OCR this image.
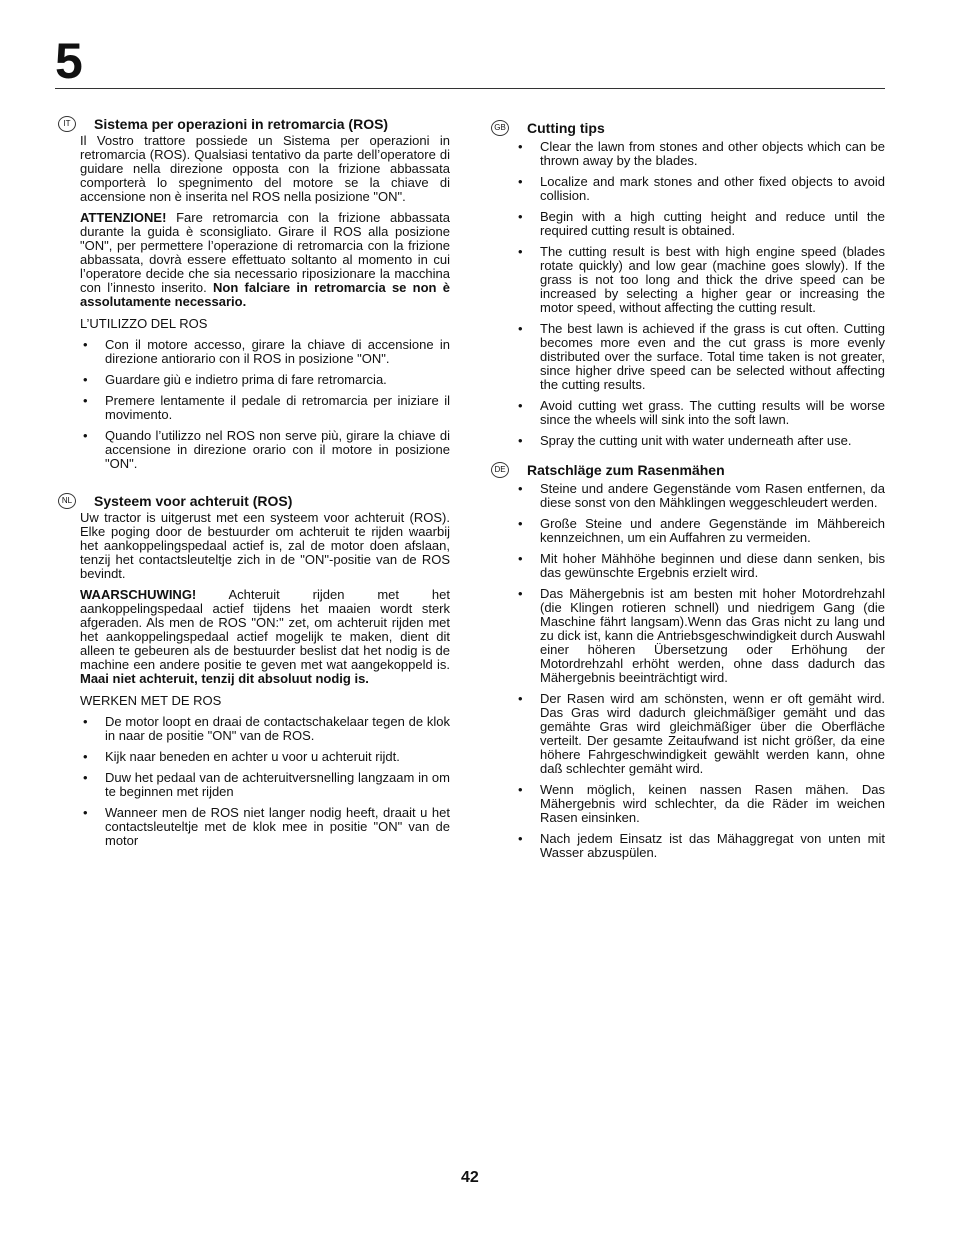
5
IT	Sistema per operazioni in retromarcia (ROS)

Il Vostro trattore possiede un Sistema per operazioni in retromarcia (ROS). Qualsiasi tentativo da parte dell’operatore di guidare nella direzione opposta con la frizione abbassata comporterà lo spegnimento del motore se la chiave di accensione non è inserita nel ROS nella posizione "ON".

ATTENZIONE! Fare retromarcia con la frizione abbassata durante la guida è sconsigliato. Girare il ROS alla posizione "ON", per permettere l’operazione di retromarcia con la frizione abbassata, dovrà essere effettuato soltanto al momento in cui l’operatore decide che sia necessario riposizionare la macchina con l’innesto inserito. Non falciare in retromarcia se non è assolutamente necessario.

L’UTILIZZO DEL ROS

• Con il motore accesso, girare la chiave di accensione in direzione antiorario con il ROS in posizione "ON".
• Guardare giù e indietro prima di fare retromarcia.
• Premere lentamente il pedale di retromarcia per iniziare il movimento.
• Quando l’utilizzo nel ROS non serve più, girare la chiave di accensione in direzione orario con il motore in posizione "ON".
NL Systeem voor achteruit (ROS)

Uw tractor is uitgerust met een systeem voor achteruit (ROS). Elke poging door de bestuurder om achteruit te rijden waarbij het aankoppelingspedaal actief is, zal de motor doen afslaan, tenzij het contactsleuteltje zich in de "ON"-positie van de ROS bevindt.

WAARSCHUWING! Achteruit rijden met het aankoppelingspedaal actief tijdens het maaien wordt sterk afgeraden. Als men de ROS "ON:" zet, om achteruit rijden met het aankoppelingspedaal actief mogelijk te maken, dient dit alleen te gebeuren als de bestuurder beslist dat het nodig is de machine een andere positie te geven met wat aangekoppeld is. Maai niet achteruit, tenzij dit absoluut nodig is.

WERKEN MET DE ROS

• De motor loopt en draai de contactschakelaar tegen de klok in naar de positie "ON" van de ROS.
• Kijk naar beneden en achter u voor u achteruit rijdt.
• Duw het pedaal van de achteruitversnelling langzaam in om te beginnen met rijden
• Wanneer men de ROS niet langer nodig heeft, draait u het contactsleuteltje met de klok mee in positie "ON" van de motor
GB Cutting tips
• Clear the lawn from stones and other objects which can be thrown away by the blades.
• Localize and mark stones and other fixed objects to avoid collision.
• Begin with a high cutting height and reduce until the required cutting result is obtained.
• The cutting result is best with high engine speed (blades rotate quickly) and low gear (machine goes slowly). If the grass is not too long and thick the drive speed can be increased by selecting a higher gear or increasing the motor speed, without affecting the cutting result.
• The best lawn is achieved if the grass is cut often. Cutting becomes more even and the cut grass is more evenly distributed over the surface. Total time taken is not greater, since higher drive speed can be selected without affecting the cutting results.
• Avoid cutting wet grass. The cutting results will be worse since the wheels will sink into the soft lawn.
• Spray the cutting unit with water underneath after use.
DE Ratschläge zum Rasenmähen
• Steine und andere Gegenstände vom Rasen entfernen, da diese sonst von den Mähklingen weggeschleudert werden.
• Große Steine und andere Gegenstände im Mähbereich kennzeichnen, um ein Auffahren zu vermeiden.
• Mit hoher Mähhöhe beginnen und diese dann senken, bis das gewünschte Ergebnis erzielt wird.
• Das Mähergebnis ist am besten mit hoher Motordrehzahl (die Klingen rotieren schnell) und niedrigem Gang (die Maschine fährt langsam).Wenn das Gras nicht zu lang und zu dick ist, kann die Antriebsgeschwindigkeit durch Auswahl einer höheren Übersetzung oder Erhöhung der Motordrehzahl erhöht werden, ohne dass dadurch das Mähergebnis beeinträchtigt wird.
• Der Rasen wird am schönsten, wenn er oft gemäht wird. Das Gras wird dadurch gleichmäßiger gemäht und das gemähte Gras wird gleichmäßiger über die Oberfläche verteilt. Der gesamte Zeitaufwand ist nicht größer, da eine höhere Fahrgeschwindigkeit gewählt werden kann, ohne daß schlechter gemäht wird.
• Wenn möglich, keinen nassen Rasen mähen. Das Mähergebnis wird schlechter, da die Räder im weichen Rasen einsinken.
• Nach jedem Einsatz ist das Mähaggregat von unten mit Wasser abzuspülen.
42
